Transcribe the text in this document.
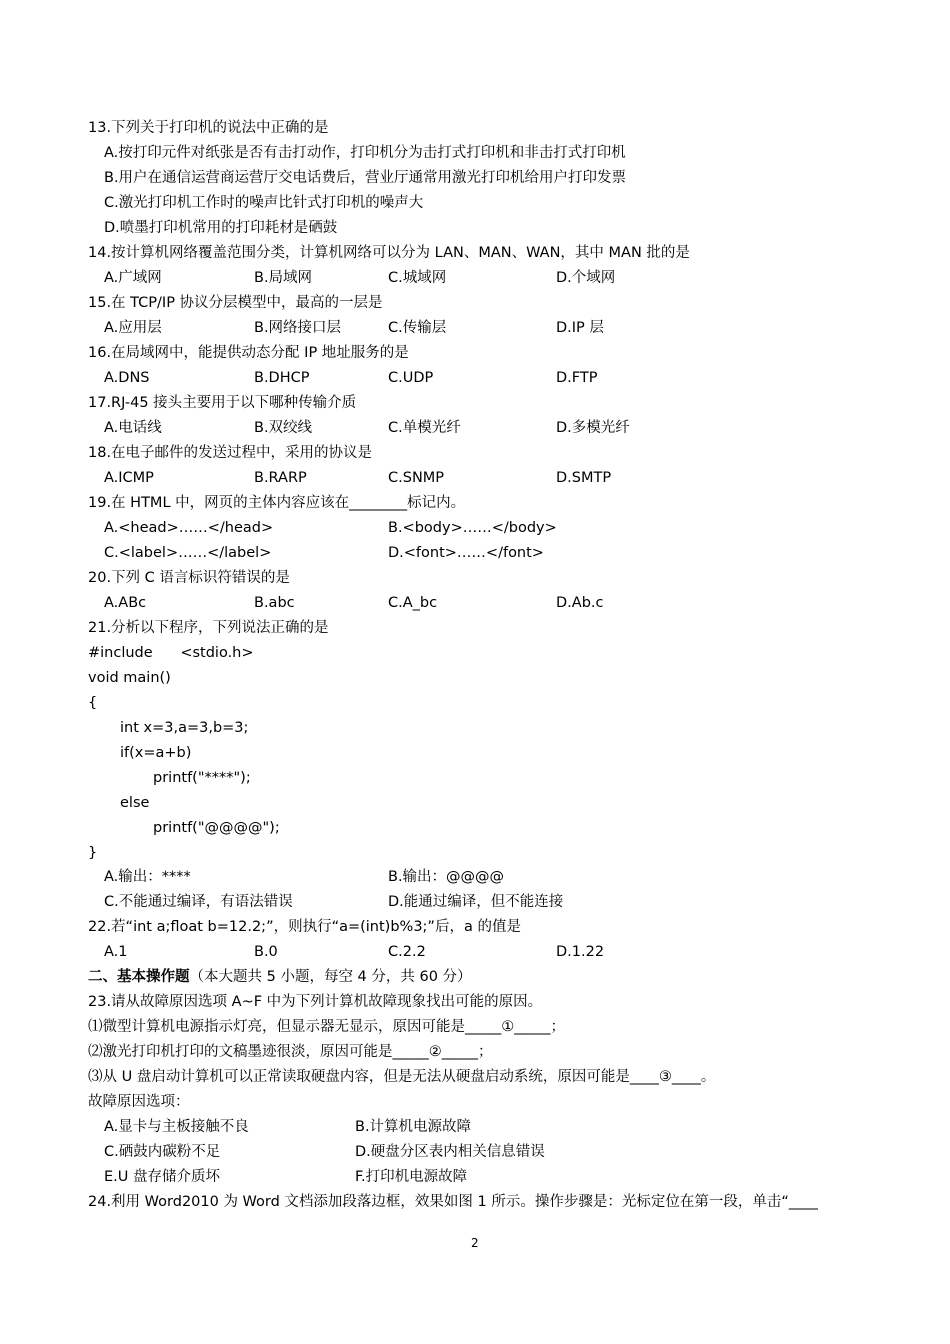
13.下列关于打印机的说法中正确的是
A.按打印元件对纸张是否有击打动作，打印机分为击打式打印机和非击打式打印机
B.用户在通信运营商运营厅交电话费后，营业厅通常用激光打印机给用户打印发票
C.激光打印机工作时的噪声比针式打印机的噪声大
D.喷墨打印机常用的打印耗材是硒鼓
14.按计算机网络覆盖范围分类，计算机网络可以分为 LAN、MAN、WAN，其中 MAN 批的是
A.广域网	B.局域网	C.城域网	D.个域网
15.在 TCP/IP 协议分层模型中，最高的一层是
A.应用层	B.网络接口层	C.传输层	D.IP 层
16.在局域网中，能提供动态分配 IP 地址服务的是
A.DNS	B.DHCP	C.UDP	D.FTP
17.RJ-45 接头主要用于以下哪种传输介质
A.电话线	B.双绞线	C.单模光纤	D.多模光纤
18.在电子邮件的发送过程中，采用的协议是
A.ICMP	B.RARP	C.SNMP	D.SMTP
19.在 HTML 中，网页的主体内容应该在________标记内。
A.<head>……</head>	B.<body>……</body>
C.<label>……</label>	D.<font>……</font>
20.下列 C 语言标识符错误的是
A.ABc	B.abc	C.A_bc	D.Ab.c
21.分析以下程序，下列说法正确的是
#include      <stdio.h>
void main()
{
int x=3,a=3,b=3;
if(x=a+b)
printf("****");
else
printf("@@@@");
}
A.输出：****	B.输出：@@@@
C.不能通过编译，有语法错误	D.能通过编译，但不能连接
22.若“int a;float b=12.2;”，则执行“a=(int)b%3;”后，a 的值是
A.1	B.0	C.2.2	D.1.22
二、基本操作题（本大题共 5 小题，每空 4 分，共 60 分）
23.请从故障原因选项 A~F 中为下列计算机故障现象找出可能的原因。
⑴微型计算机电源指示灯亮，但显示器无显示，原因可能是_____①_____；
⑵激光打印机打印的文稿墨迹很淡，原因可能是_____②_____；
⑶从 U 盘启动计算机可以正常读取硬盘内容，但是无法从硬盘启动系统，原因可能是____③____。
故障原因选项：
A.显卡与主板接触不良	B.计算机电源故障
C.硒鼓内碳粉不足	D.硬盘分区表内相关信息错误
E.U 盘存储介质坏	F.打印机电源故障
24.利用 Word2010 为 Word 文档添加段落边框，效果如图 1 所示。操作步骤是：光标定位在第一段，单击“____
2
